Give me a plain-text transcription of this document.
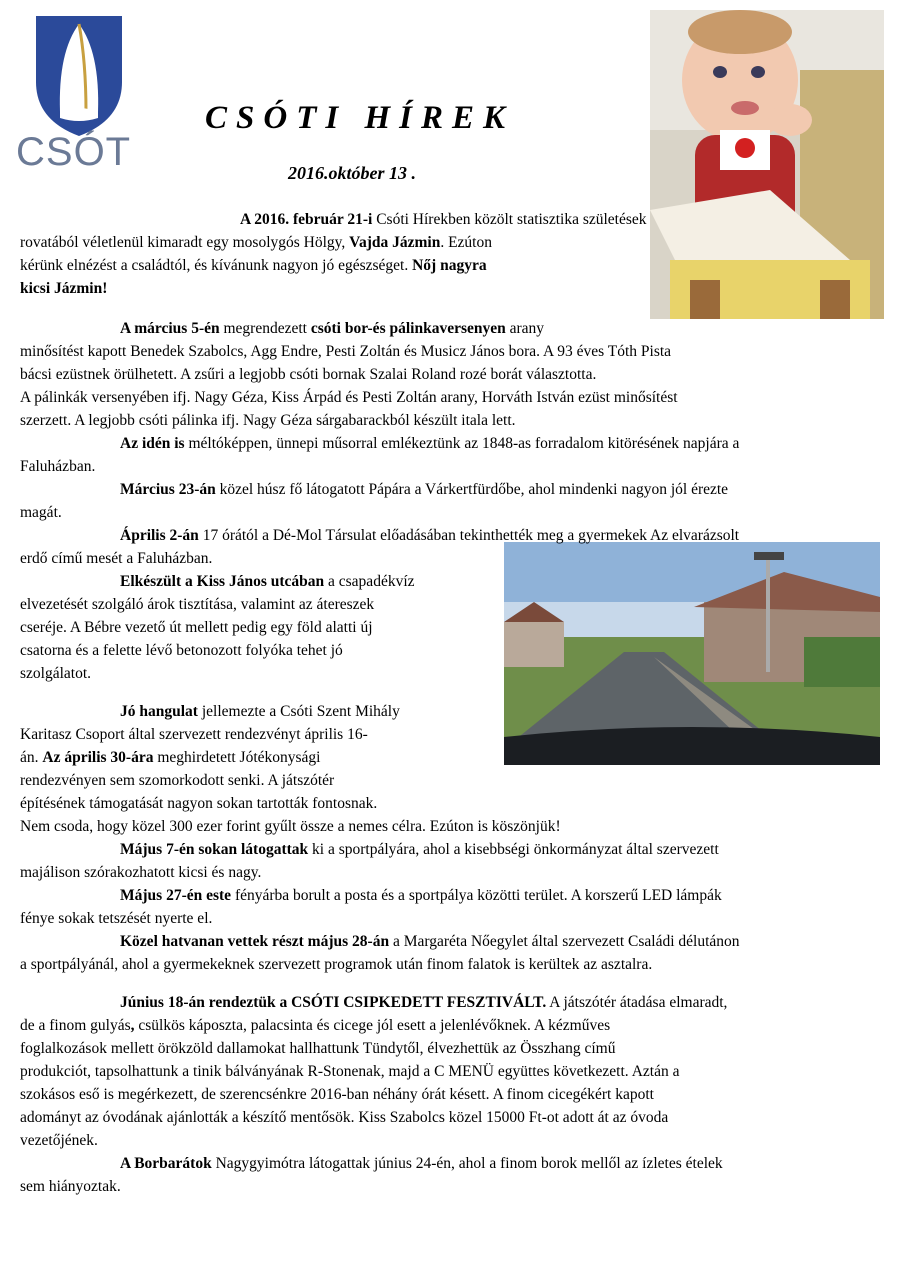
CSÓT
CSÓTI HÍREK
2016.október 13 .
A 2016. február 21-i Csóti Hírekben közölt statisztika születések
rovatából véletlenül kimaradt egy mosolygós Hölgy, Vajda Jázmin. Ezúton
kérünk elnézést a családtól, és kívánunk nagyon jó egészséget. Nőj nagyra
kicsi Jázmin!
A március 5-én megrendezett csóti bor-és pálinkaversenyen arany
minősítést kapott Benedek Szabolcs, Agg Endre, Pesti Zoltán és Musicz János bora. A 93 éves Tóth Pista
bácsi ezüstnek örülhetett. A zsűri a legjobb csóti bornak Szalai Roland rozé borát választotta.
A pálinkák versenyében ifj. Nagy Géza, Kiss Árpád és Pesti Zoltán arany, Horváth István ezüst minősítést
szerzett. A legjobb csóti pálinka ifj. Nagy Géza sárgabarackból készült itala lett.
Az idén is méltóképpen, ünnepi műsorral emlékeztünk az 1848-as forradalom kitörésének napjára a
Faluházban.
Március 23-án közel húsz fő látogatott Pápára a Várkertfürdőbe, ahol mindenki nagyon jól érezte
magát.
Április 2-án 17 órától a Dé-Mol Társulat előadásában tekinthették meg a gyermekek Az elvarázsolt
erdő című mesét a Faluházban.
Elkészült a Kiss János utcában a csapadékvíz
elvezetését szolgáló árok tisztítása, valamint az átereszek
cseréje. A Bébre vezető út mellett pedig egy föld alatti új
csatorna és a felette lévő betonozott folyóka tehet jó
szolgálatot.
Jó hangulat jellemezte a Csóti Szent Mihály
Karitasz Csoport által szervezett rendezvényt április 16-
án. Az április 30-ára meghirdetett Jótékonysági
rendezvényen sem szomorkodott senki. A játszótér
építésének támogatását nagyon sokan tartották fontosnak.
Nem csoda, hogy közel 300 ezer forint gyűlt össze a nemes célra. Ezúton is köszönjük!
Május 7-én sokan látogattak ki a sportpályára, ahol a kisebbségi önkormányzat által szervezett
majálison szórakozhatott kicsi és nagy.
Május 27-én este fényárba borult a posta és a sportpálya közötti terület. A korszerű LED lámpák
fénye sokak tetszését nyerte el.
Közel hatvanan vettek részt május 28-án a Margaréta Nőegylet által szervezett Családi délutánon
a sportpályánál, ahol a gyermekeknek szervezett programok után finom falatok is kerültek az asztalra.
Június 18-án rendeztük a CSÓTI CSIPKEDETT FESZTIVÁLT. A játszótér átadása elmaradt,
de a finom gulyás, csülkös káposzta, palacsinta és cicege jól esett a jelenlévőknek. A kézműves
foglalkozások mellett örökzöld dallamokat hallhattunk Tündytől, élvezhettük az Összhang című
produkciót, tapsolhattunk a tinik bálványának R-Stonenak, majd a C MENÜ együttes következett. Aztán a
szokásos eső is megérkezett, de szerencsénkre 2016-ban néhány órát késett. A finom cicegékért kapott
adományt az óvodának ajánlották a készítő mentősök. Kiss Szabolcs közel 15000 Ft-ot adott át az óvoda
vezetőjének.
A Borbarátok Nagygyimótra látogattak június 24-én, ahol a finom borok mellől az ízletes ételek
sem hiányoztak.
